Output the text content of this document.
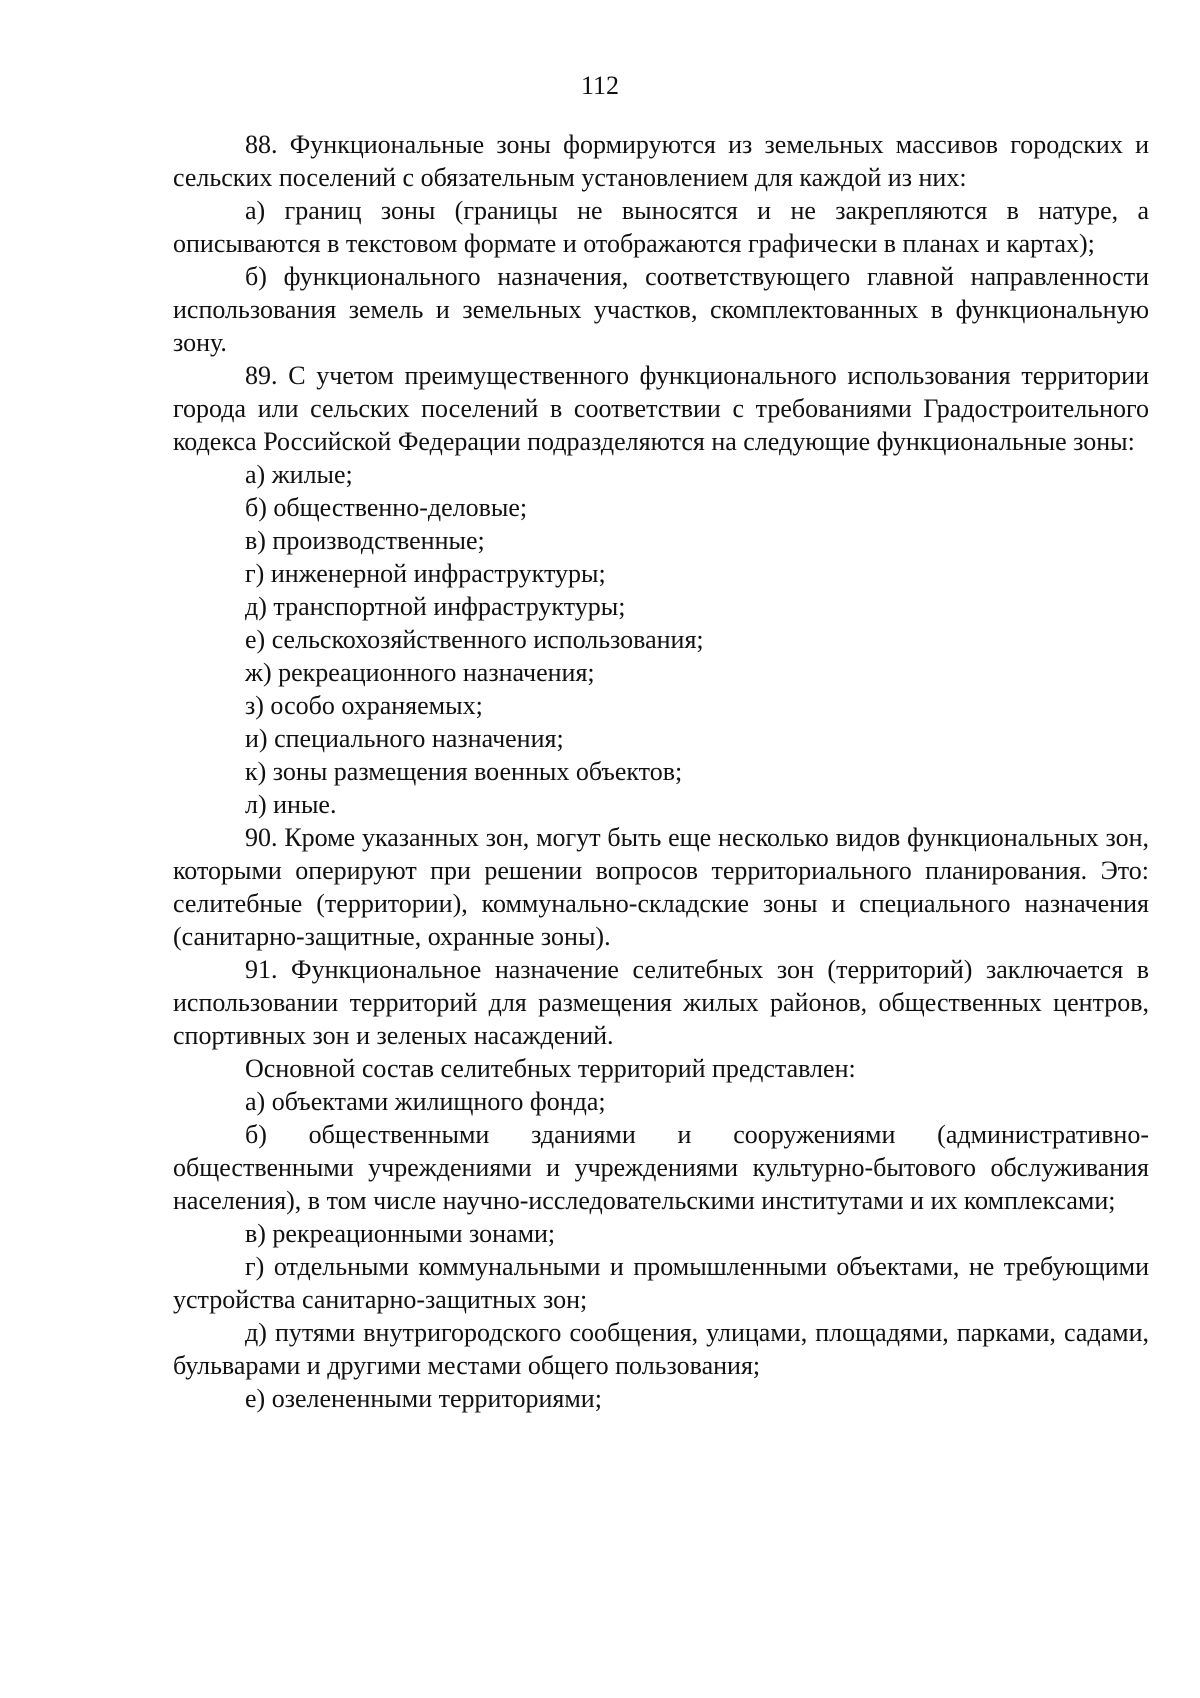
112

88. Функциональные зоны формируются из земельных массивов городских и сельских поселений с обязательным установлением для каждой из них:

а) границ зоны (границы не выносятся и не закрепляются в натуре, а описываются в текстовом формате и отображаются графически в планах и картах);

б) функционального назначения, соответствующего главной направленности использования земель и земельных участков, скомплектованных в функциональную зону.

89. С учетом преимущественного функционального использования территории города или сельских поселений в соответствии с требованиями Градостроительного кодекса Российской Федерации подразделяются на следующие функциональные зоны:

а) жилые;

б) общественно-деловые;

в) производственные;

г) инженерной инфраструктуры;

д) транспортной инфраструктуры;

е) сельскохозяйственного использования;

ж) рекреационного назначения;

з) особо охраняемых;

и) специального назначения;

к) зоны размещения военных объектов;

л) иные.

90. Кроме указанных зон, могут быть еще несколько видов функциональных зон, которыми оперируют при решении вопросов территориального планирования. Это: селитебные (территории), коммунально-складские зоны и специального назначения (санитарно-защитные, охранные зоны).

91. Функциональное назначение селитебных зон (территорий) заключается в использовании территорий для размещения жилых районов, общественных центров, спортивных зон и зеленых насаждений.

Основной состав селитебных территорий представлен:

а) объектами жилищного фонда;

б) общественными зданиями и сооружениями (административно-общественными учреждениями и учреждениями культурно-бытового обслуживания населения), в том числе научно-исследовательскими институтами и их комплексами;

в) рекреационными зонами;

г) отдельными коммунальными и промышленными объектами, не требующими устройства санитарно-защитных зон;

д) путями внутригородского сообщения, улицами, площадями, парками, садами, бульварами и другими местами общего пользования;

е) озелененными территориями;
